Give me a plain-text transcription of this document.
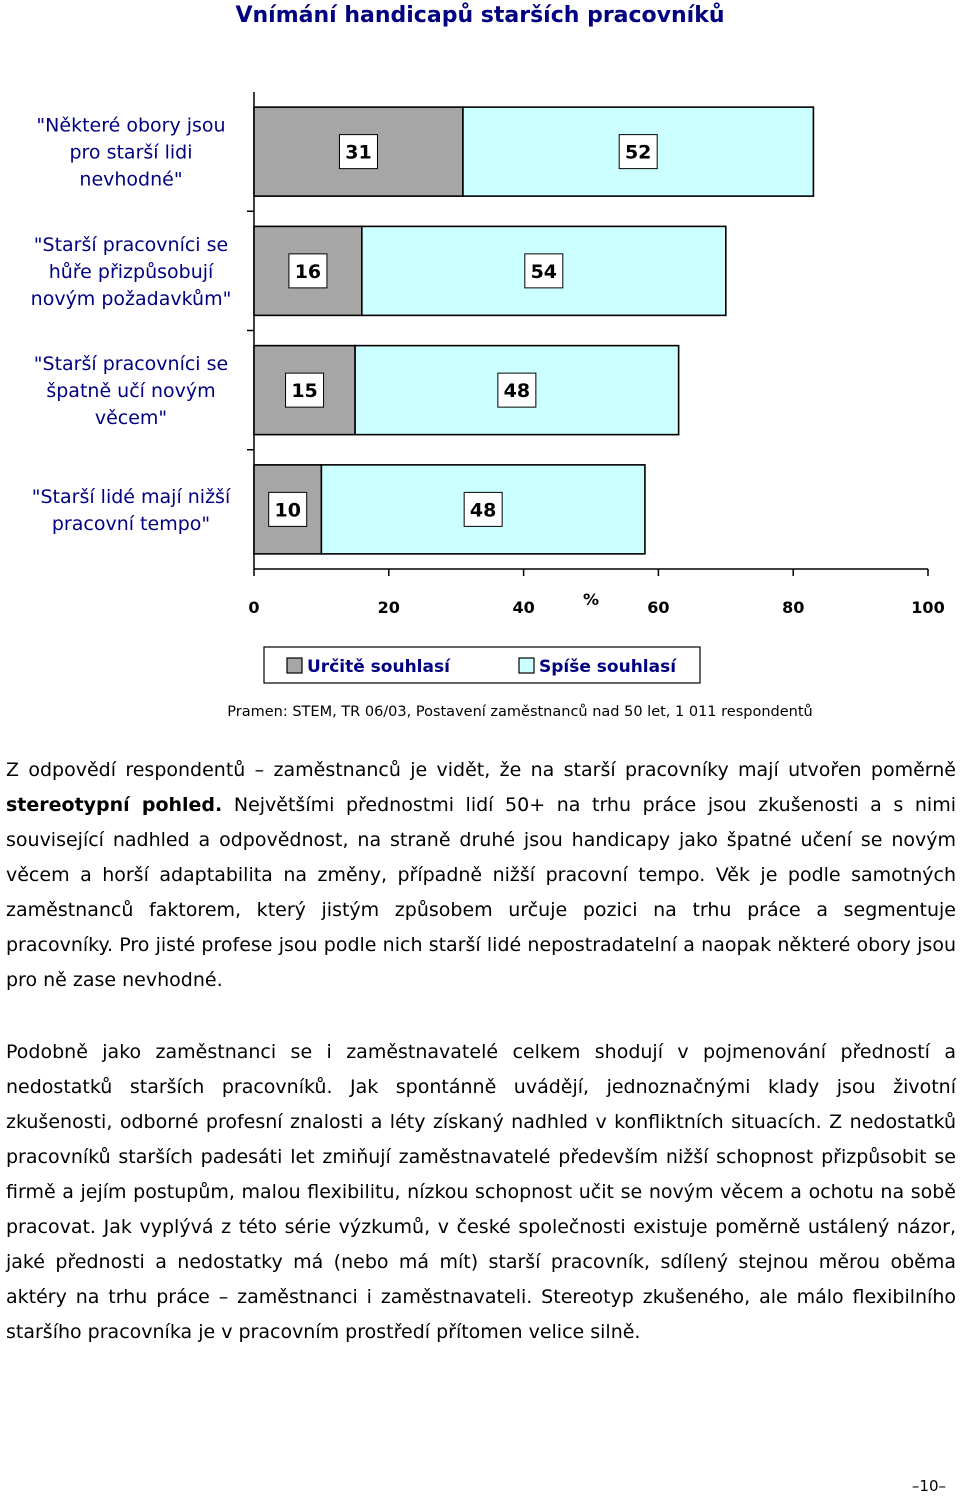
Vnímání handicapů starších pracovníků
31	52
"Některé obory jsou
pro starší lidi
nevhodné"
16	54
"Starší pracovníci se
hůře přizpůsobují
novým požadavkům"
15	48
"Starší pracovníci se
špatně učí novým
věcem"
10	48
"Starší lidé mají nižší
pracovní tempo"
0	20	40	60	80	100
%
Určitě souhlasí	Spíše souhlasí
Pramen: STEM, TR 06/03, Postavení zaměstnanců nad 50 let, 1 011 respondentů

Z odpovědí respondentů – zaměstnanců je vidět, že na starší pracovníky mají utvořen poměrně stereotypní pohled. Největšími přednostmi lidí 50+ na trhu práce jsou zkušenosti a s nimi související nadhled a odpovědnost, na straně druhé jsou handicapy jako špatné učení se novým věcem a horší adaptabilita na změny, případně nižší pracovní tempo. Věk je podle samotných zaměstnanců faktorem, který jistým způsobem určuje pozici na trhu práce a segmentuje pracovníky. Pro jisté profese jsou podle nich starší lidé nepostradatelní a naopak některé obory jsou pro ně zase nevhodné.

Podobně jako zaměstnanci se i zaměstnavatelé celkem shodují v pojmenování předností a nedostatků starších pracovníků. Jak spontánně uvádějí, jednoznačnými klady jsou životní zkušenosti, odborné profesní znalosti a léty získaný nadhled v konfliktních situacích. Z nedostatků pracovníků starších padesáti let zmiňují zaměstnavatelé především nižší schopnost přizpůsobit se firmě a jejím postupům, malou flexibilitu, nízkou schopnost učit se novým věcem a ochotu na sobě pracovat. Jak vyplývá z této série výzkumů, v české společnosti existuje poměrně ustálený názor, jaké přednosti a nedostatky má (nebo má mít) starší pracovník, sdílený stejnou měrou oběma aktéry na trhu práce – zaměstnanci i zaměstnavateli. Stereotyp zkušeného, ale málo flexibilního staršího pracovníka je v pracovním prostředí přítomen velice silně.

–10–
